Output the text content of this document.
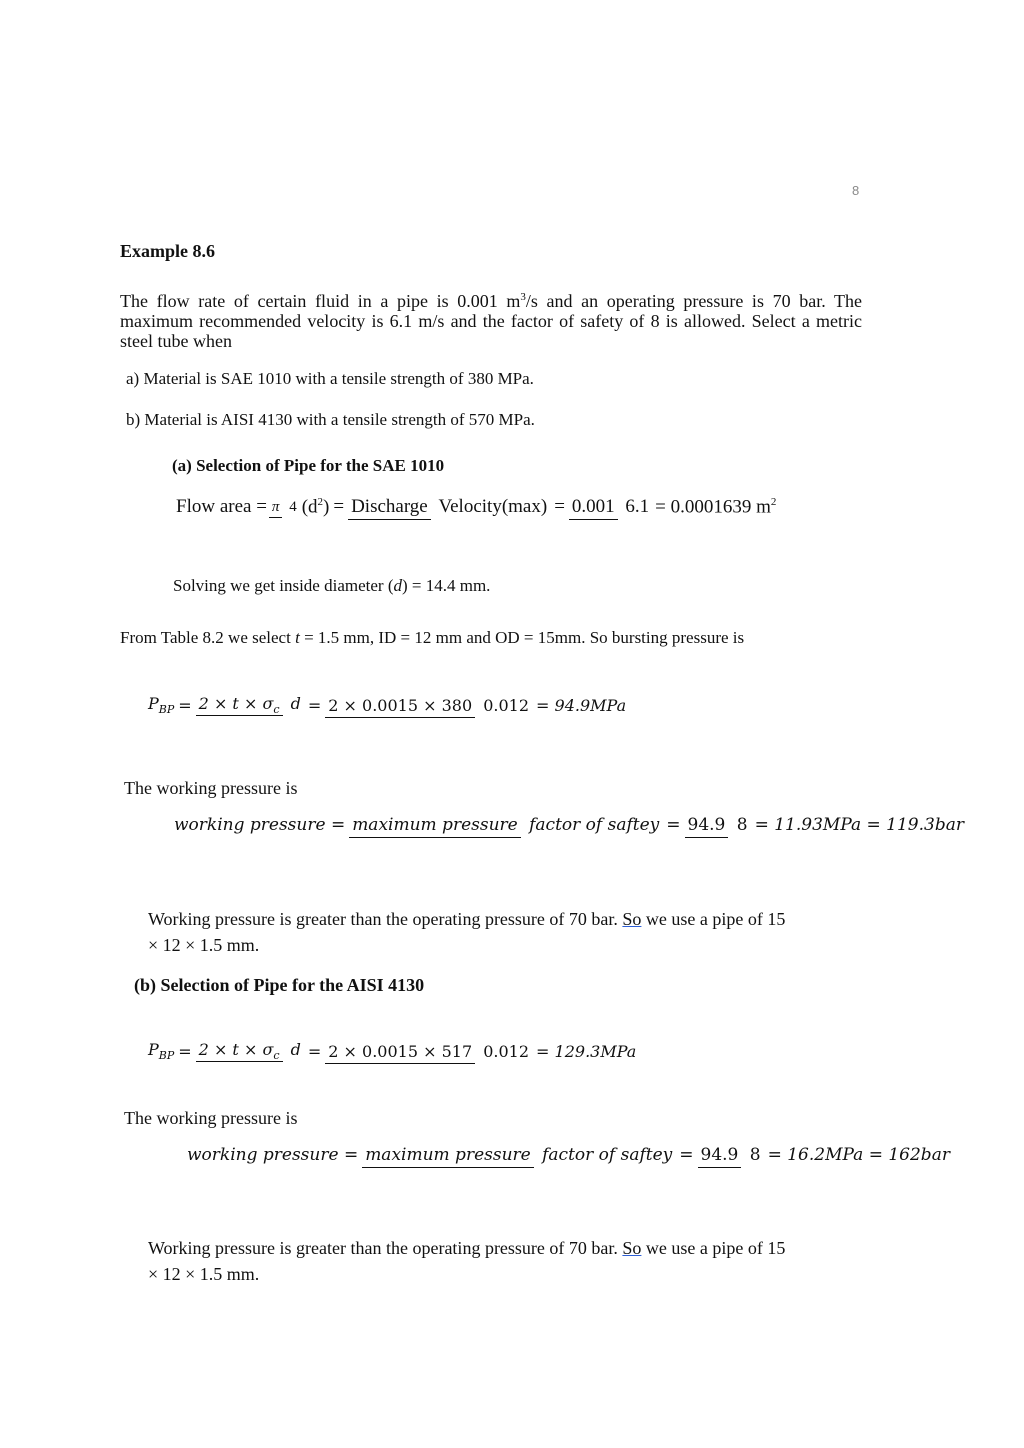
8
Example 8.6
The flow rate of certain fluid in a pipe is 0.001 $m^3/s$ and an operating pressure is 70 bar. The
maximum recommended velocity is 6.1 m/s and the factor of safety of 8 is allowed. Select a metric
steel tube when
a) Material is SAE 1010 with a tensile strength of 380 MPa.
b) Material is AISI 4130 with a tensile strength of 570 MPa.
(a) Selection of Pipe for the SAE 1010
Flow area = π 4 $(d^2)$ = Discharge Velocity(max) = 0.001 6.1 = 0.0001639 $m^2$
Solving we get inside diameter (d) = 14.4 mm.
From Table 8.2 we select t = 1.5 mm, ID = 12 mm and OD = 15mm. So bursting pressure is
$P_{BP} = 2 \times t \times \sigma_c$ d = 2 × 0.0015 × 380 0.012 = 94.9MPa
The working pressure is
working pressure = maximum pressure factor of saftey = 94.9 8 = 11.93MPa = 119.3bar
Working pressure is greater than the operating pressure of 70 bar. So we use a pipe of 15
× 12 × 1.5 mm.
(b) Selection of Pipe for the AISI 4130
$P_{BP} = 2 \times t \times \sigma_c$ d = 2 × 0.0015 × 517 0.012 = 129.3MPa
The working pressure is
working pressure = maximum pressure factor of saftey = 94.9 8 = 16.2MPa = 162bar
Working pressure is greater than the operating pressure of 70 bar. So we use a pipe of 15
× 12 × 1.5 mm.
